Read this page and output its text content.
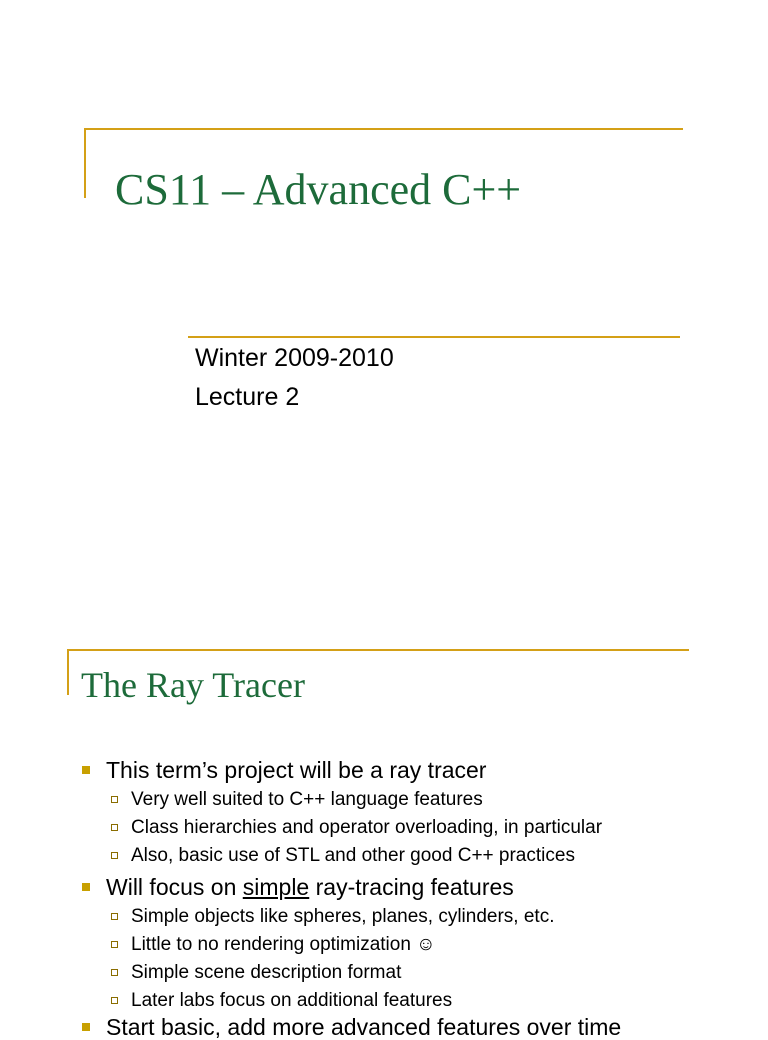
CS11 – Advanced C++

Winter 2009-2010

Lecture 2

The Ray Tracer
This term’s project will be a ray tracer
Very well suited to C++ language features
Class hierarchies and operator overloading, in particular
Also, basic use of STL and other good C++ practices
Will focus on simple ray-tracing features
Simple objects like spheres, planes, cylinders, etc.
Little to no rendering optimization ☺
Simple scene description format
Later labs focus on additional features
Start basic, add more advanced features over time
